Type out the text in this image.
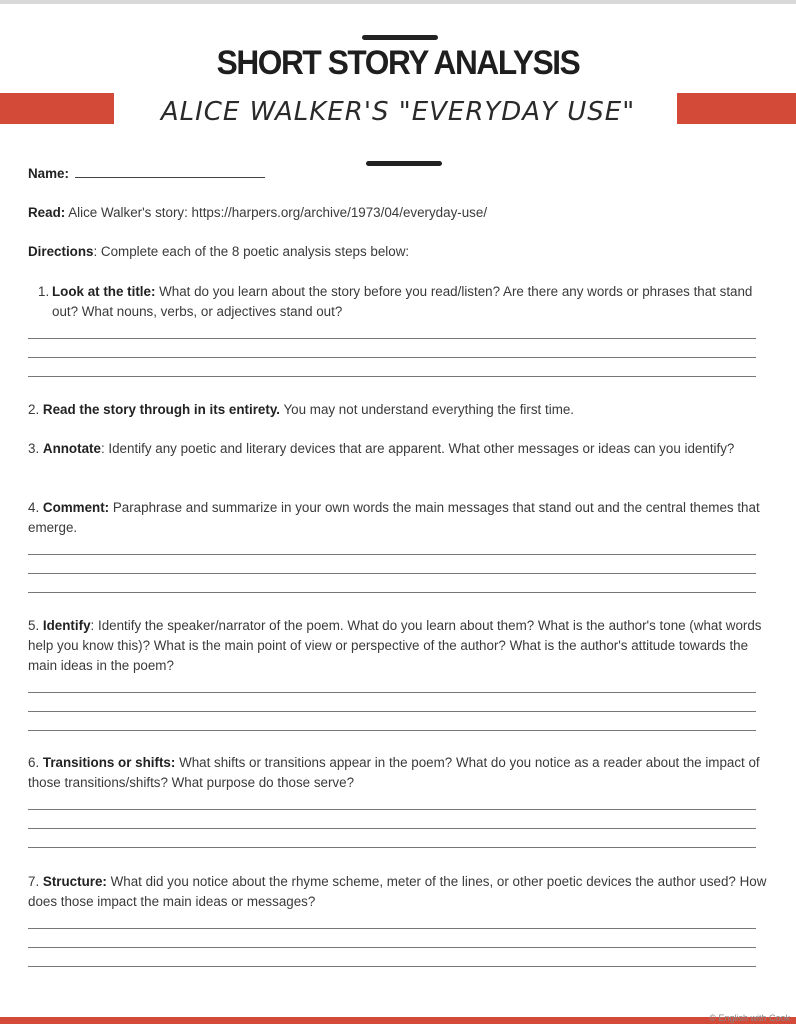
SHORT STORY ANALYSIS
ALICE WALKER'S "EVERYDAY USE"
Name:
Read: Alice Walker's story: https://harpers.org/archive/1973/04/everyday-use/
Directions: Complete each of the 8 poetic analysis steps below:
1. Look at the title: What do you learn about the story before you read/listen? Are there any words or phrases that stand out? What nouns, verbs, or adjectives stand out?
2. Read the story through in its entirety. You may not understand everything the first time.
3. Annotate: Identify any poetic and literary devices that are apparent. What other messages or ideas can you identify?
4. Comment: Paraphrase and summarize in your own words the main messages that stand out and the central themes that emerge.
5. Identify: Identify the speaker/narrator of the poem. What do you learn about them? What is the author's tone (what words help you know this)? What is the main point of view or perspective of the author? What is the author's attitude towards the main ideas in the poem?
6. Transitions or shifts: What shifts or transitions appear in the poem? What do you notice as a reader about the impact of those transitions/shifts? What purpose do those serve?
7. Structure: What did you notice about the rhyme scheme, meter of the lines, or other poetic devices the author used? How does those impact the main ideas or messages?
© English with Cook
